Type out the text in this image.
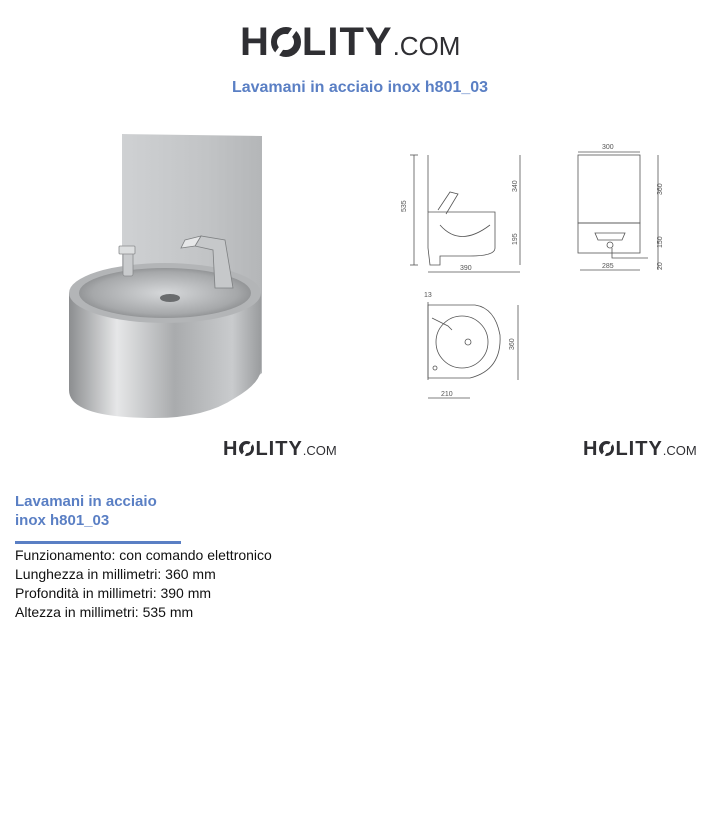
H LITY .COM
Lavamani in acciaio inox h801_03
535
340
195
390
300
360
150
285	20
13
360
210
H LITY .COM	H LITY .COM
Lavamani in acciaio
inox h801_03
Funzionamento: con comando elettronico
Lunghezza in millimetri: 360 mm
Profondità in millimetri: 390 mm
Altezza in millimetri: 535 mm
